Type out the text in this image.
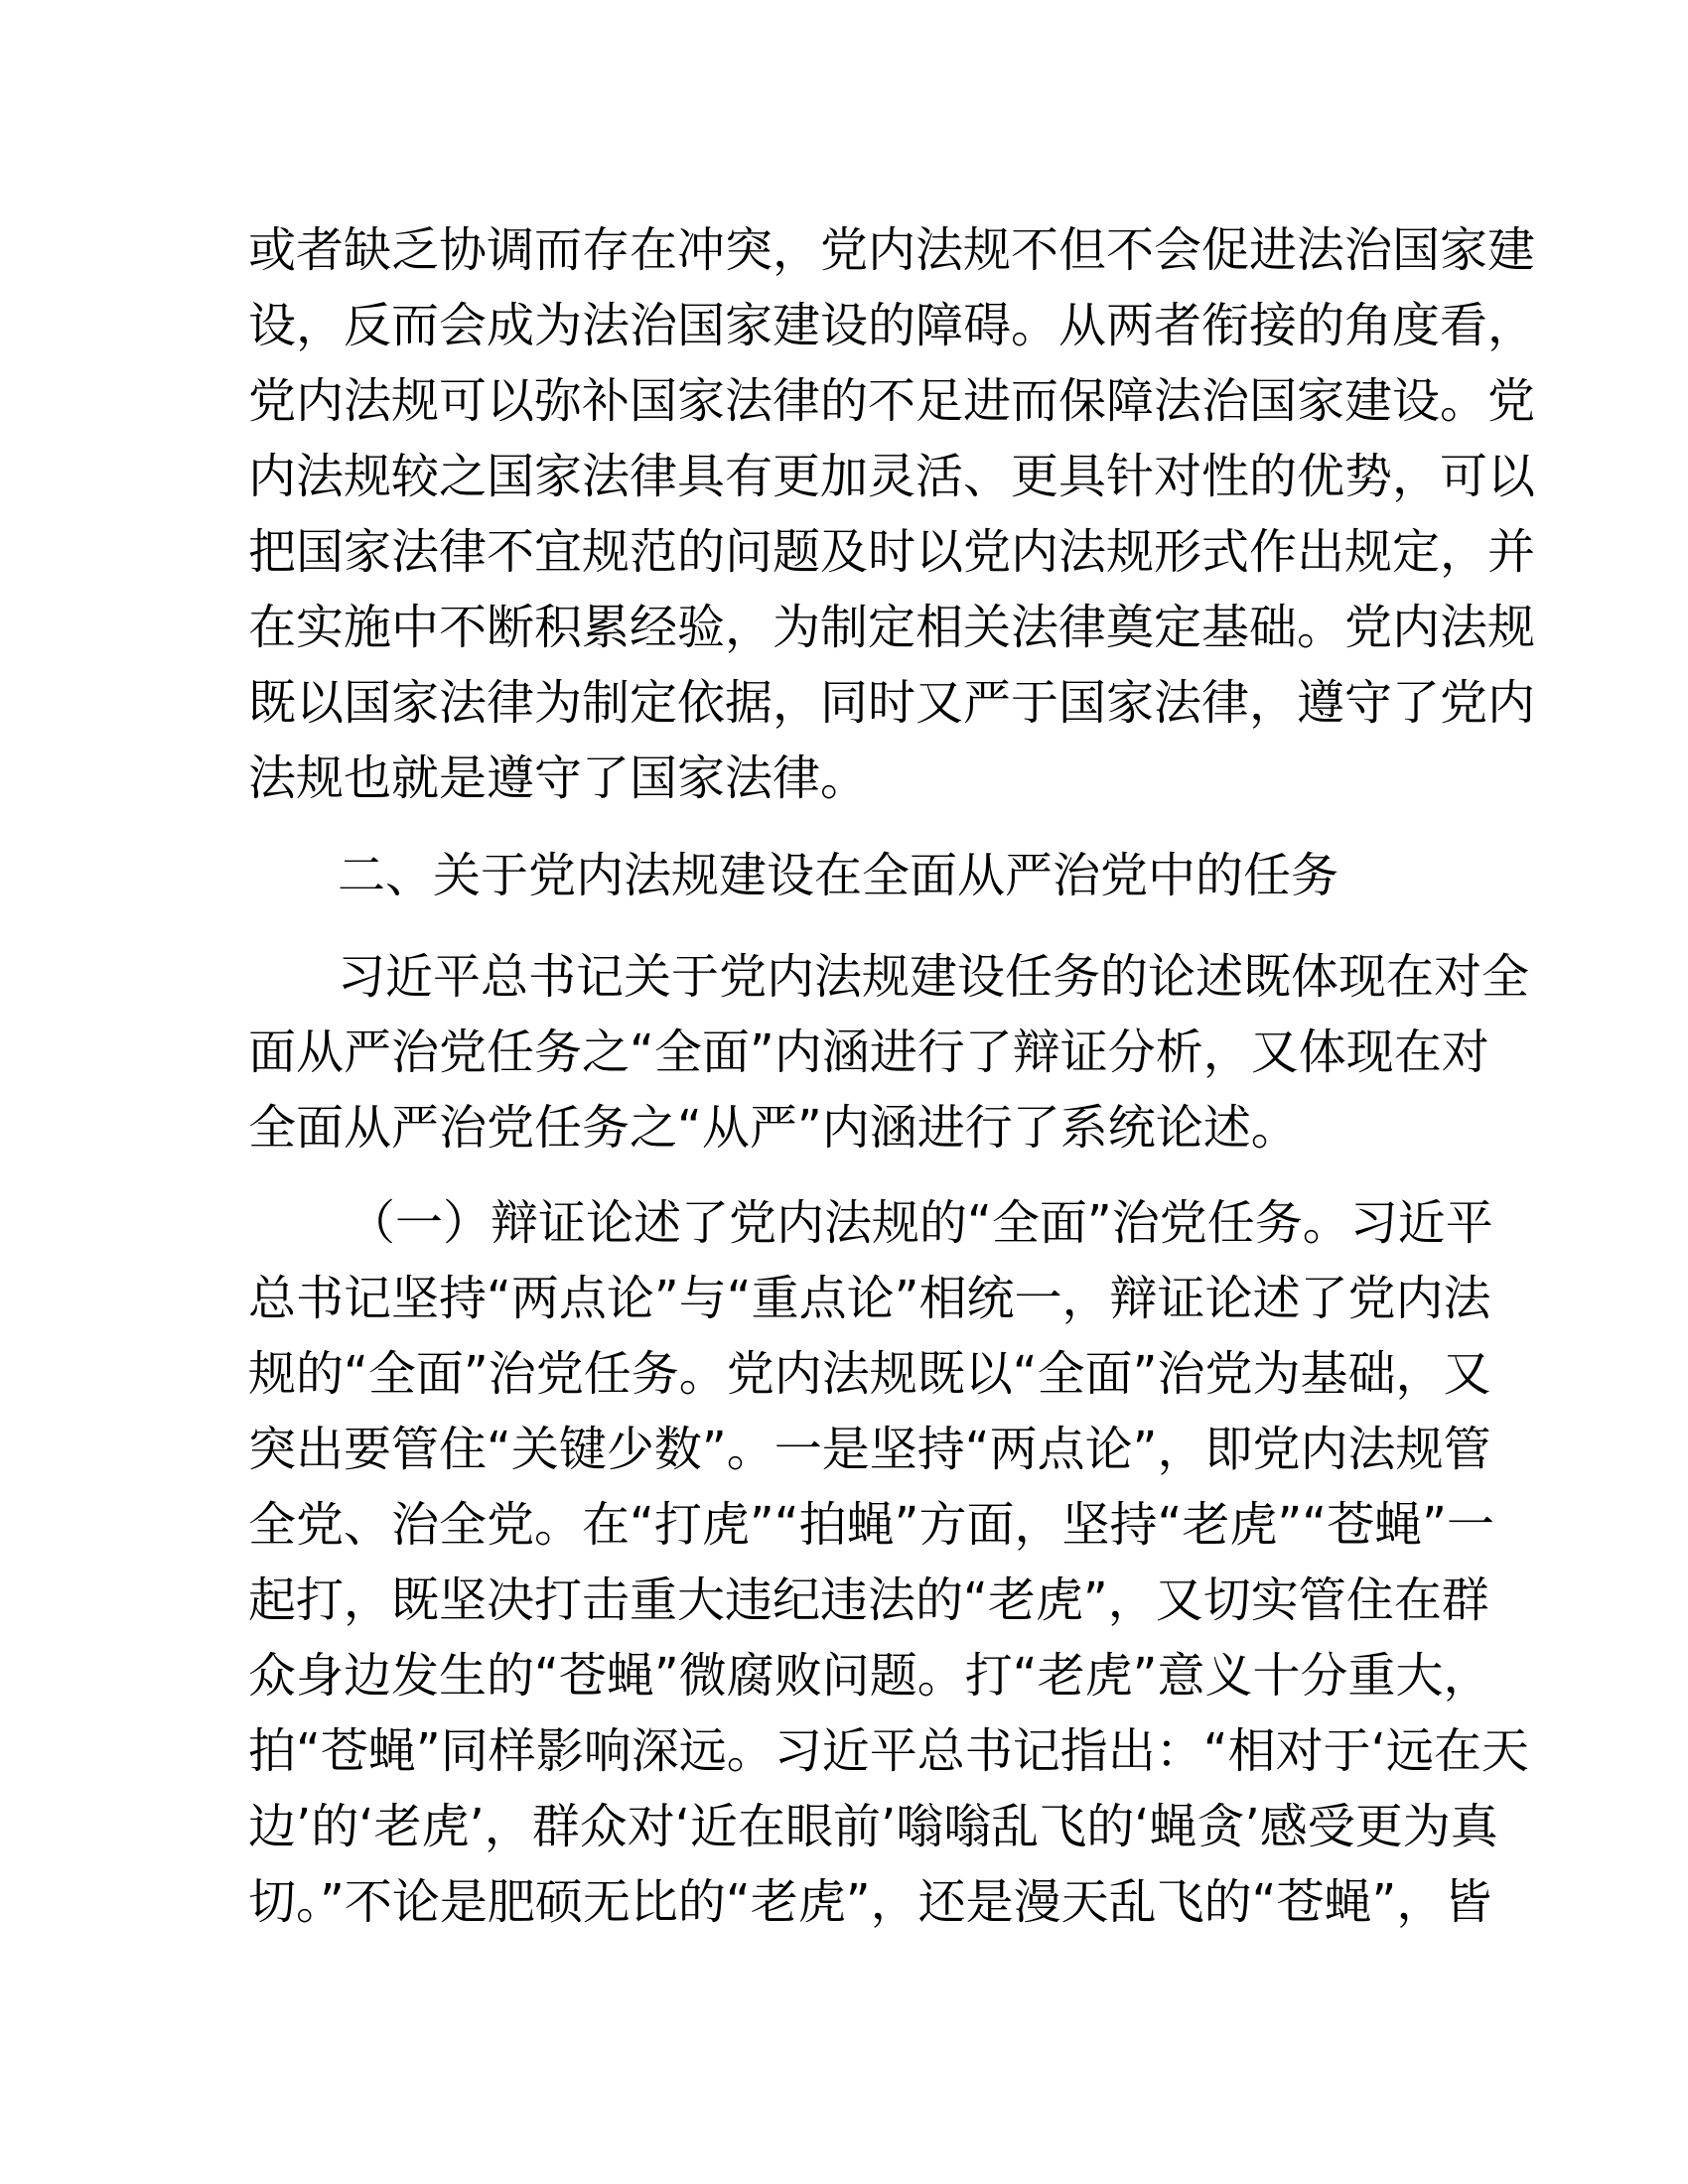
或者缺乏协调而存在冲突，党内法规不但不会促进法治国家建
设，反而会成为法治国家建设的障碍。从两者衔接的角度看，
党内法规可以弥补国家法律的不足进而保障法治国家建设。党
内法规较之国家法律具有更加灵活、更具针对性的优势，可以
把国家法律不宜规范的问题及时以党内法规形式作出规定，并
在实施中不断积累经验，为制定相关法律奠定基础。党内法规
既以国家法律为制定依据，同时又严于国家法律，遵守了党内
法规也就是遵守了国家法律。
二、关于党内法规建设在全面从严治党中的任务
习近平总书记关于党内法规建设任务的论述既体现在对全
面从严治党任务之“全面”内涵进行了辩证分析，又体现在对
全面从严治党任务之“从严”内涵进行了系统论述。
（一）辩证论述了党内法规的“全面”治党任务。习近平
总书记坚持“两点论”与“重点论”相统一，辩证论述了党内法
规的“全面”治党任务。党内法规既以“全面”治党为基础，又
突出要管住“关键少数”。一是坚持“两点论”，即党内法规管
全党、治全党。在“打虎”“拍蝇”方面，坚持“老虎”“苍蝇”一
起打，既坚决打击重大违纪违法的“老虎”，又切实管住在群
众身边发生的“苍蝇”微腐败问题。打“老虎”意义十分重大，
拍“苍蝇”同样影响深远。习近平总书记指出：“相对于‘远在天
边’的‘老虎’，群众对‘近在眼前’嗡嗡乱飞的‘蝇贪’感受更为真
切。”不论是肥硕无比的“老虎”，还是漫天乱飞的“苍蝇”，皆
